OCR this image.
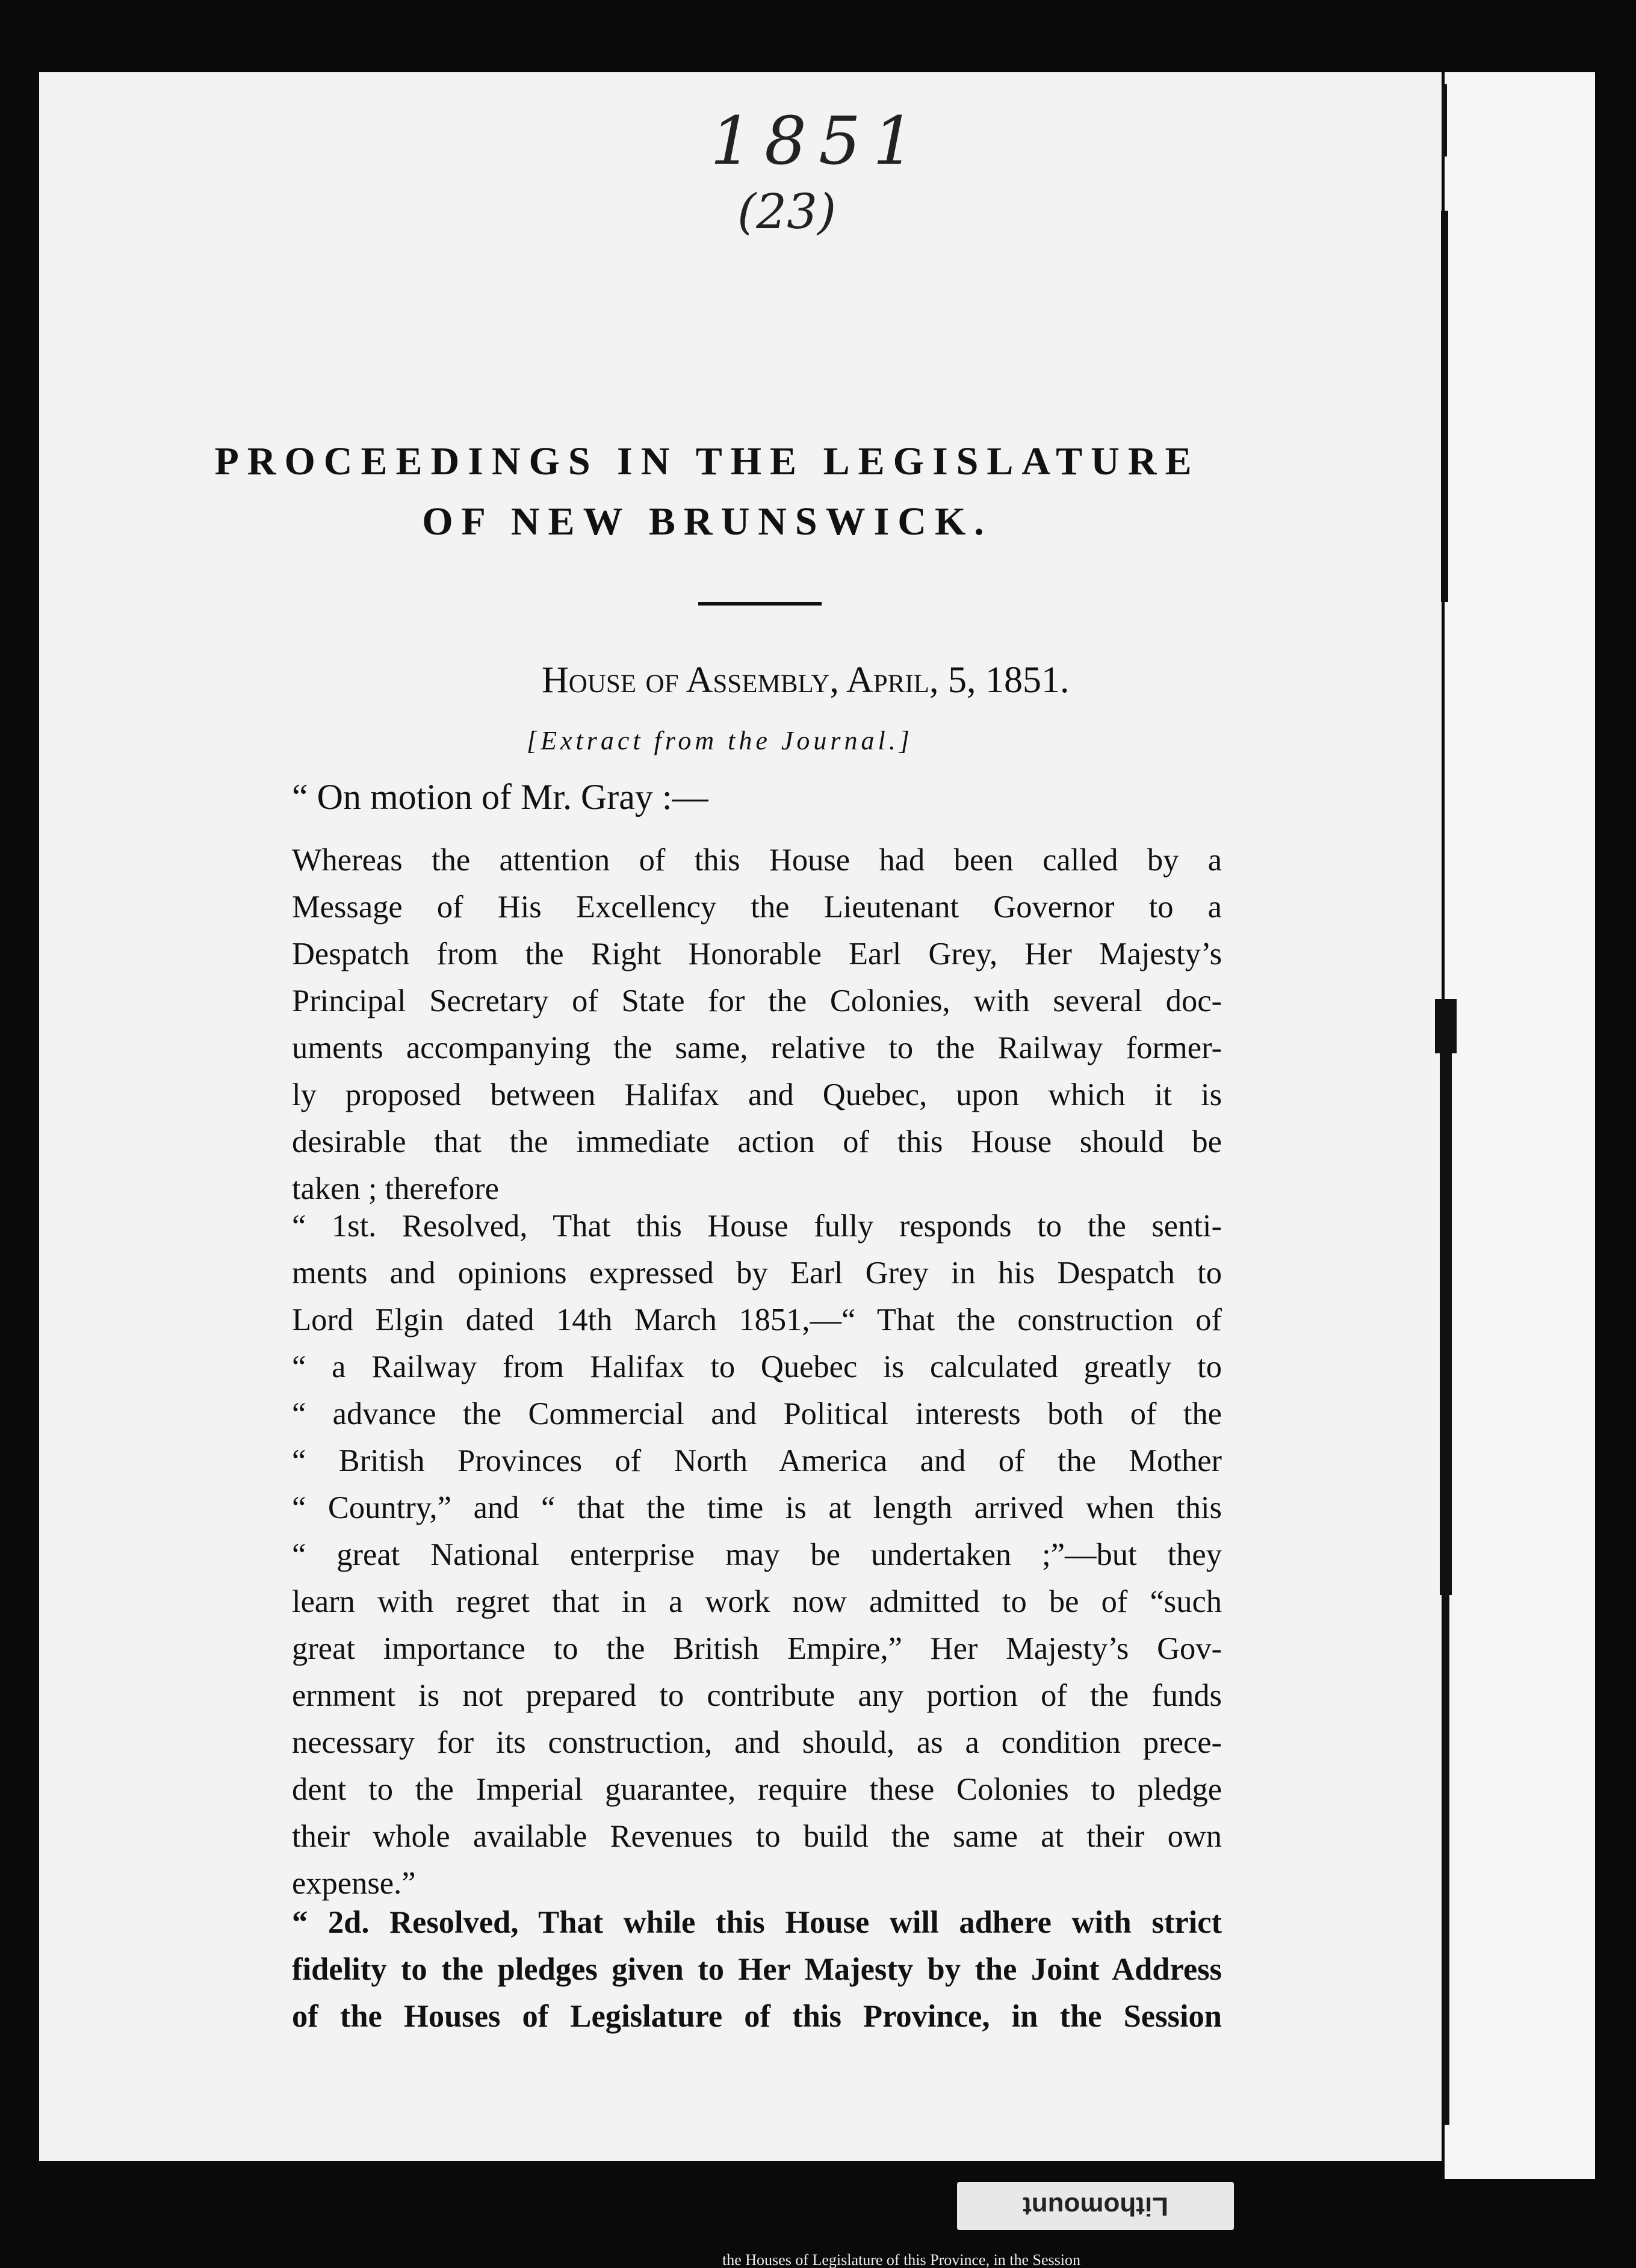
1851
(23)
PROCEEDINGS IN THE LEGISLATURE
OF NEW BRUNSWICK.
House of Assembly, April, 5, 1851.
[Extract from the Journal.]
“ On motion of Mr. Gray :—
Whereas the attention of this House had been called by a
Message of His Excellency the Lieutenant Governor to a
Despatch from the Right Honorable Earl Grey, Her Majesty’s
Principal Secretary of State for the Colonies, with several doc-
uments accompanying the same, relative to the Railway former-
ly proposed between Halifax and Quebec, upon which it is
desirable that the immediate action of this House should be
taken ; therefore
“ 1st. Resolved, That this House fully responds to the senti-
ments and opinions expressed by Earl Grey in his Despatch to
Lord Elgin dated 14th March 1851,—“ That the construction of
“ a Railway from Halifax to Quebec is calculated greatly to
“ advance the Commercial and Political interests both of the
“ British Provinces of North America and of the Mother
“ Country,” and “ that the time is at length arrived when this
“ great National enterprise may be undertaken ;”—but they
learn with regret that in a work now admitted to be of “such
great importance to the British Empire,” Her Majesty’s Gov-
ernment is not prepared to contribute any portion of the funds
necessary for its construction, and should, as a condition prece-
dent to the Imperial guarantee, require these Colonies to pledge
their whole available Revenues to build the same at their own
expense.”
“ 2d. Resolved, That while this House will adhere with strict
fidelity to the pledges given to Her Majesty by the Joint Address
of the Houses of Legislature of this Province, in the Session
Lithomount
the Houses of Legislature of this Province, in the Session
